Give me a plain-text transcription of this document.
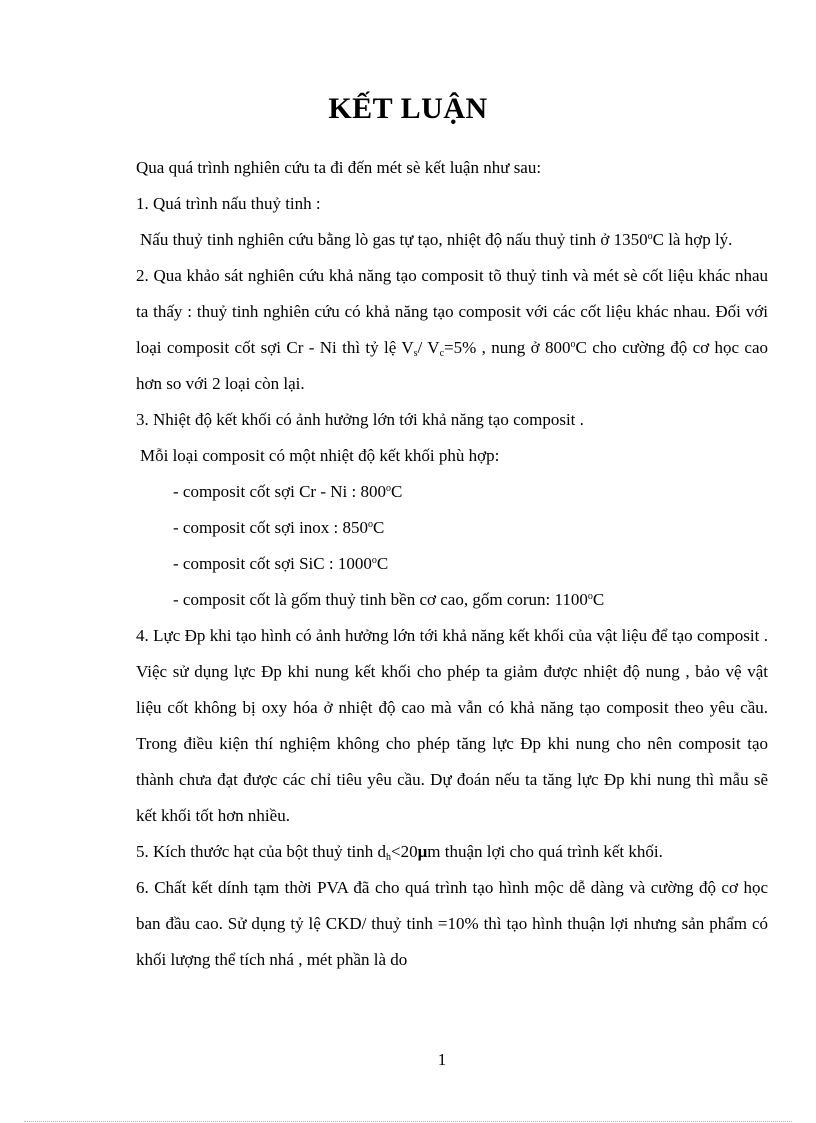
KẾT LUẬN

Qua quá trình nghiên cứu ta đi đến mét sè kết luận như sau:

1. Quá trình nấu thuỷ tinh :

Nấu thuỷ tinh nghiên cứu bằng lò gas tự tạo, nhiệt độ nấu thuỷ tinh ở 1350$^o$C là hợp lý.

2. Qua khảo sát nghiên cứu khả năng tạo composit tõ thuỷ tinh và mét sè cốt liệu khác nhau ta thấy : thuỷ tinh nghiên cứu có khả năng tạo composit với các cốt liệu khác nhau. Đối với loại composit cốt sợi Cr - Ni thì tỷ lệ $V_s/$ $V_c=5\%$ , nung ở 800$^o$C cho cường độ cơ học cao hơn so với 2 loại còn lại.

3. Nhiệt độ kết khối có ảnh hưởng lớn tới khả năng tạo composit .

Mỗi loại composit có một nhiệt độ kết khối phù hợp:

- composit cốt sợi Cr - Ni : 800$^o$C

- composit cốt sợi inox : 850$^o$C

- composit cốt sợi SiC : 1000$^o$C

- composit cốt là gốm thuỷ tinh bền cơ cao, gốm corun: 1100$^o$C

4. Lực Đp khi tạo hình có ảnh hưởng lớn tới khả năng kết khối của vật liệu để tạo composit . Việc sử dụng lực Đp khi nung kết khối cho phép ta giảm được nhiệt độ nung , bảo vệ vật liệu cốt không bị oxy hóa ở nhiệt độ cao mà vẫn có khả năng tạo composit theo yêu cầu. Trong điều kiện thí nghiệm không cho phép tăng lực Đp khi nung cho nên composit tạo thành chưa đạt được các chỉ tiêu yêu cầu. Dự đoán nếu ta tăng lực Đp khi nung thì mẫu sẽ kết khối tốt hơn nhiều.

5. Kích thước hạt của bột thuỷ tinh $d_h<20\mu m$ thuận lợi cho quá trình kết khối.

6. Chất kết dính tạm thời PVA đã cho quá trình tạo hình mộc dễ dàng và cường độ cơ học ban đầu cao. Sử dụng tỷ lệ CKD/ thuỷ tinh =10% thì tạo hình thuận lợi nhưng sản phẩm có khối lượng thể tích nhá , mét phần là do

1
